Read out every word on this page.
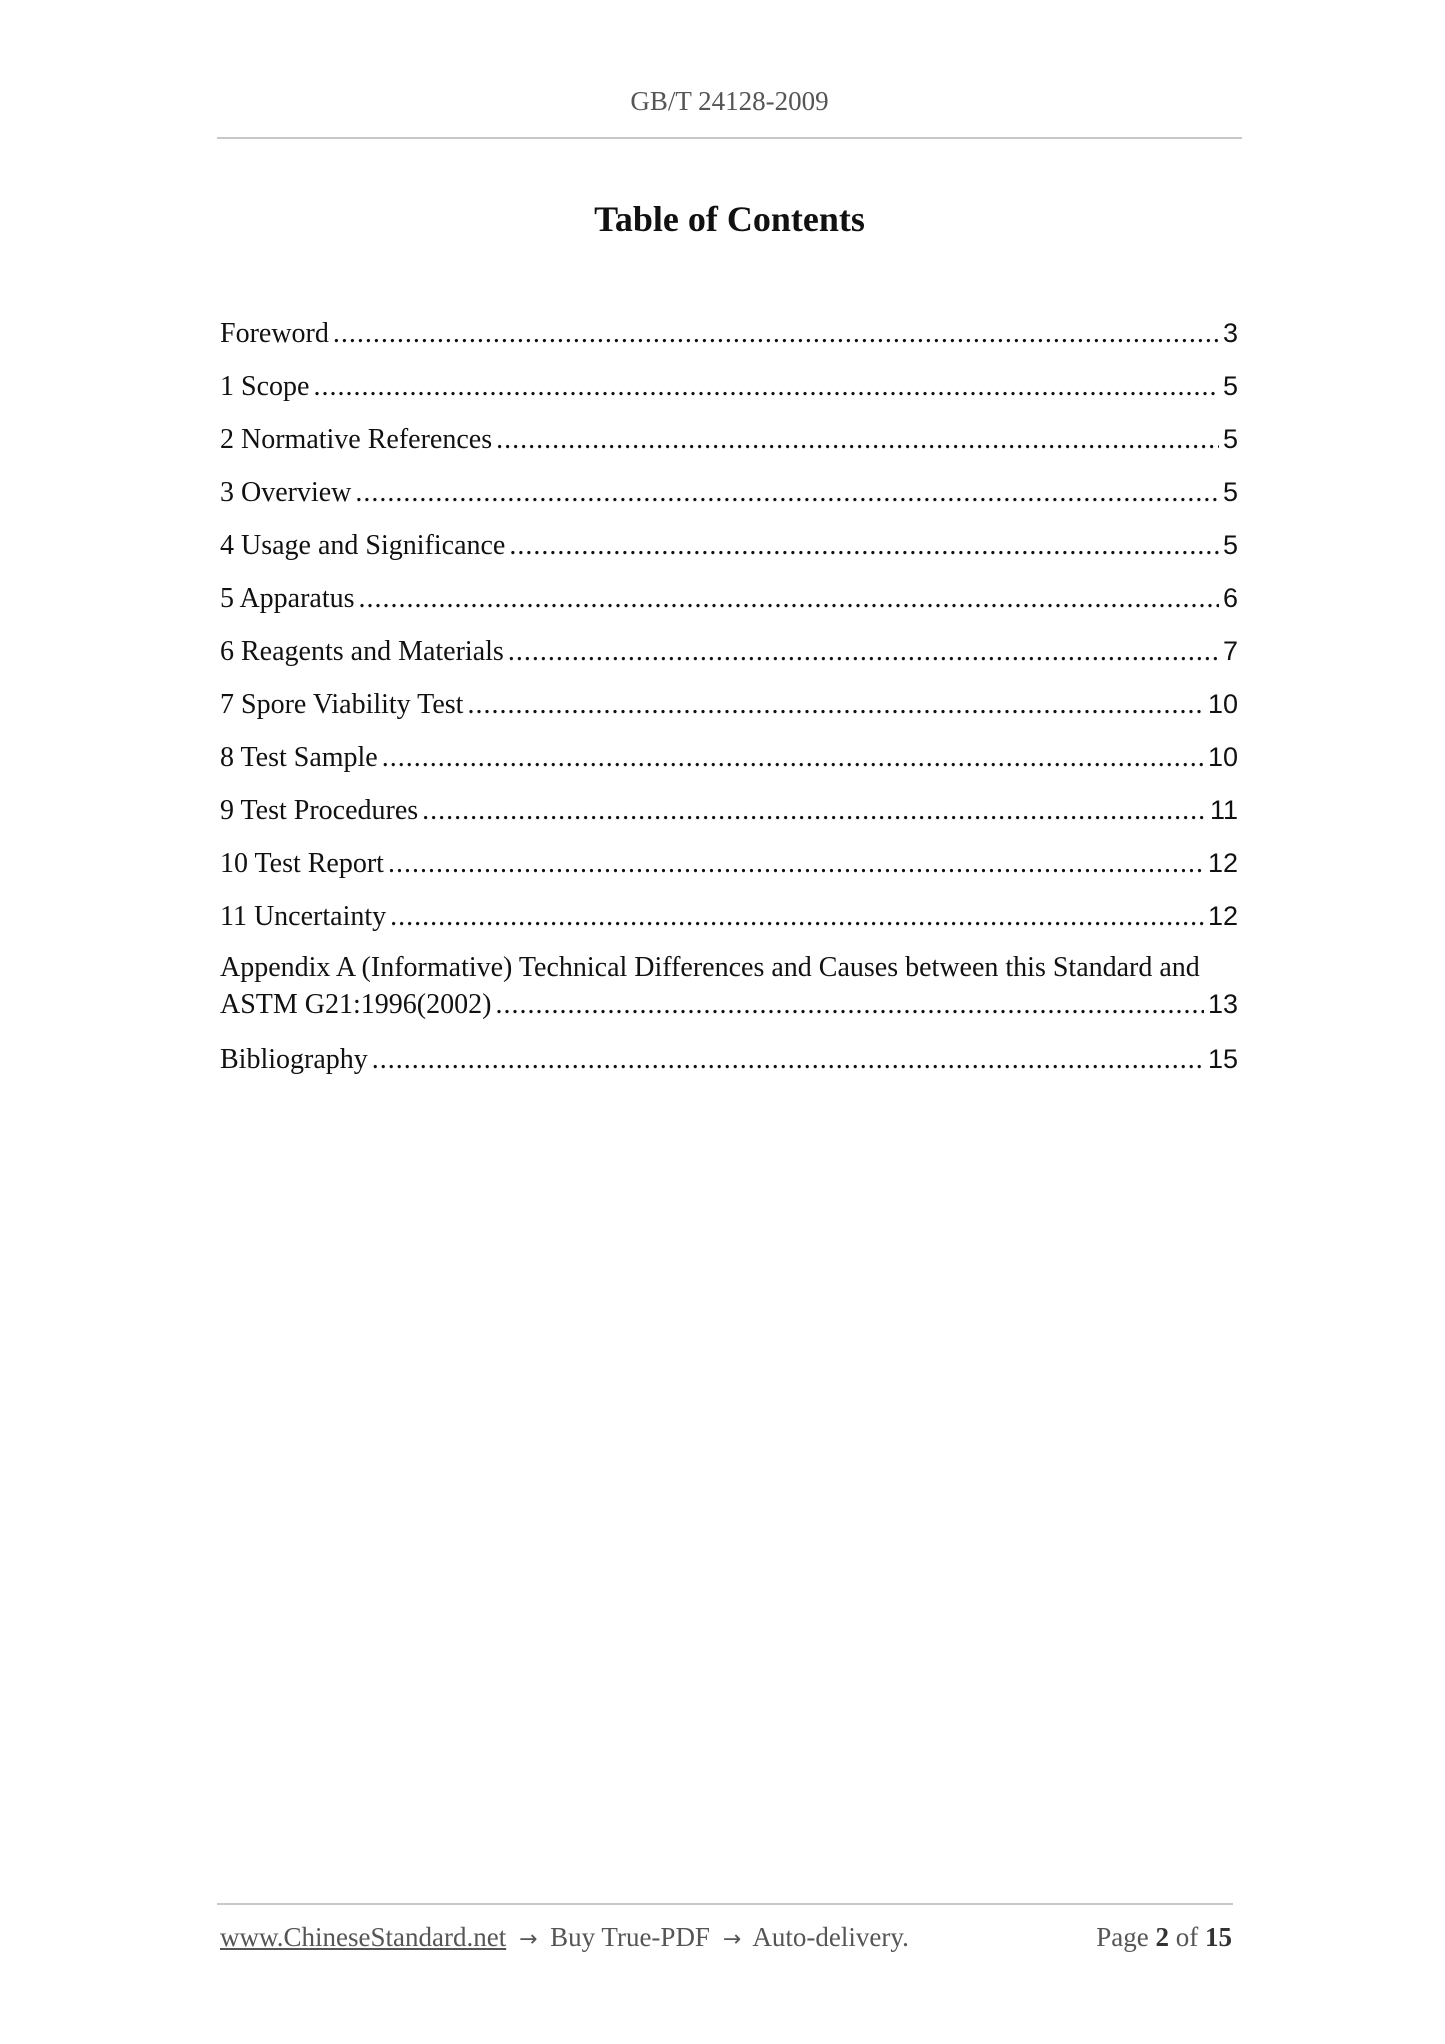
GB/T 24128-2009
Table of Contents
Foreword .....	3
1 Scope .....	5
2 Normative References .....	5
3 Overview .....	5
4 Usage and Significance .....	5
5 Apparatus .....	6
6 Reagents and Materials .....	7
7 Spore Viability Test .....	10
8 Test Sample .....	10
9 Test Procedures .....	11
10 Test Report .....	12
11 Uncertainty .....	12
Appendix A (Informative) Technical Differences and Causes between this Standard and
ASTM G21:1996(2002) .....	13
Bibliography .....	15
www.ChineseStandard.net → Buy True-PDF → Auto-delivery.	Page 2 of 15
